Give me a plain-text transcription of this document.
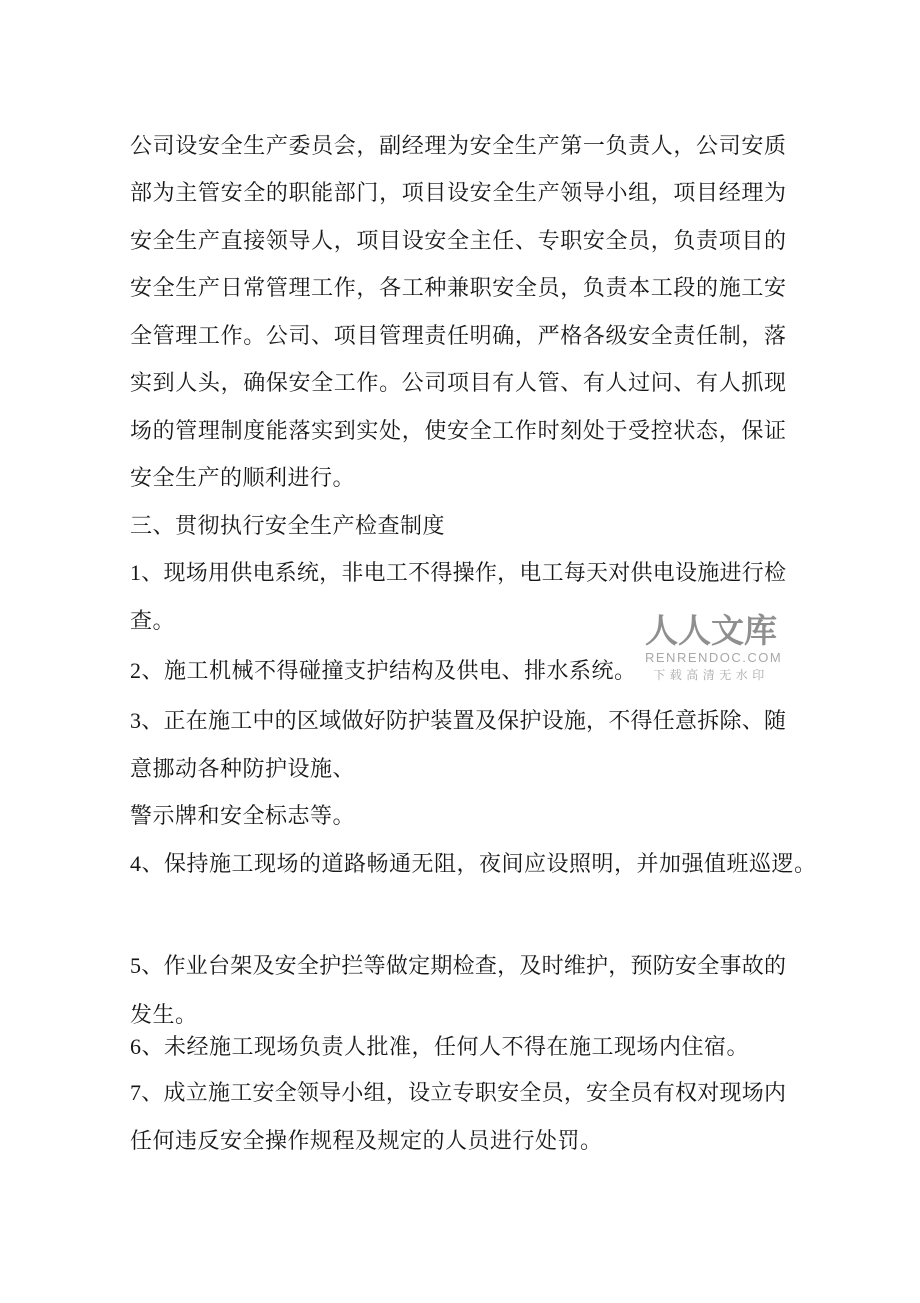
公司设安全生产委员会，副经理为安全生产第一负责人，公司安质
部为主管安全的职能部门，项目设安全生产领导小组，项目经理为
安全生产直接领导人，项目设安全主任、专职安全员，负责项目的
安全生产日常管理工作，各工种兼职安全员，负责本工段的施工安
全管理工作。公司、项目管理责任明确，严格各级安全责任制，落
实到人头，确保安全工作。公司项目有人管、有人过问、有人抓现
场的管理制度能落实到实处，使安全工作时刻处于受控状态，保证
安全生产的顺利进行。
三、贯彻执行安全生产检查制度
1、现场用供电系统，非电工不得操作，电工每天对供电设施进行检
查。
2、施工机械不得碰撞支护结构及供电、排水系统。
3、正在施工中的区域做好防护装置及保护设施，不得任意拆除、随
意挪动各种防护设施、
警示牌和安全标志等。
4、保持施工现场的道路畅通无阻，夜间应设照明，并加强值班巡逻。
5、作业台架及安全护拦等做定期检查，及时维护，预防安全事故的
发生。
6、未经施工现场负责人批准，任何人不得在施工现场内住宿。
7、成立施工安全领导小组，设立专职安全员，安全员有权对现场内
任何违反安全操作规程及规定的人员进行处罚。
人人文库
RENRENDOC.COM
下载高清无水印
